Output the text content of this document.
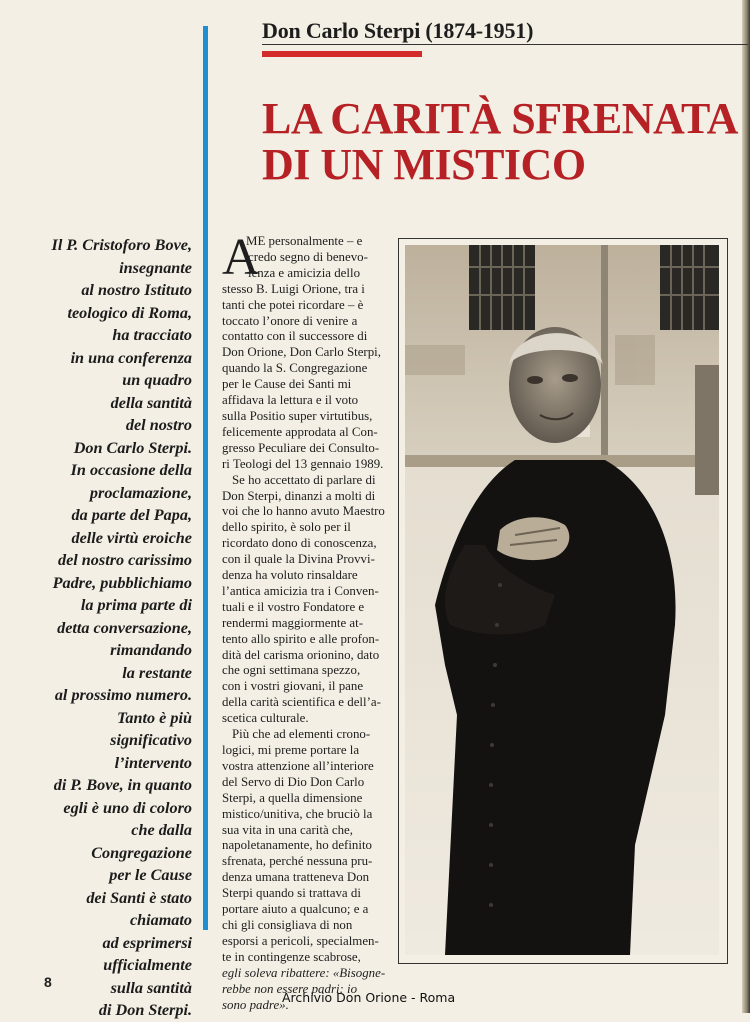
Don Carlo Sterpi (1874-1951)
LA CARITÀ SFRENATA
DI UN MISTICO
Il P. Cristoforo Bove,
insegnante
al nostro Istituto
teologico di Roma,
ha tracciato
in una conferenza
un quadro
della santità
del nostro
Don Carlo Sterpi.
In occasione della
proclamazione,
da parte del Papa,
delle virtù eroiche
del nostro carissimo
Padre, pubblichiamo
la prima parte di
detta conversazione,
rimandando
la restante
al prossimo numero.
Tanto è più
significativo
l’intervento
di P. Bove, in quanto
egli è uno di coloro
che dalla
Congregazione
per le Cause
dei Santi è stato
chiamato
ad esprimersi
ufficialmente
sulla santità
di Don Sterpi.
A
ME personalmente – e
credo segno di benevo-
lenza e amicizia dello
stesso B. Luigi Orione, tra i
tanti che potei ricordare – è
toccato l’onore di venire a
contatto con il successore di
Don Orione, Don Carlo Sterpi,
quando la S. Congregazione
per le Cause dei Santi mi
affidava la lettura e il voto
sulla Positio super virtutibus,
felicemente approdata al Con-
gresso Peculiare dei Consulto-
ri Teologi del 13 gennaio 1989.
Se ho accettato di parlare di
Don Sterpi, dinanzi a molti di
voi che lo hanno avuto Maestro
dello spirito, è solo per il
ricordato dono di conoscenza,
con il quale la Divina Provvi-
denza ha voluto rinsaldare
l’antica amicizia tra i Conven-
tuali e il vostro Fondatore e
rendermi maggiormente at-
tento allo spirito e alle profon-
dità del carisma orionino, dato
che ogni settimana spezzo,
con i vostri giovani, il pane
della carità scientifica e dell’a-
scetica culturale.
Più che ad elementi crono-
logici, mi preme portare la
vostra attenzione all’interiore
del Servo di Dio Don Carlo
Sterpi, a quella dimensione
mistico/unitiva, che bruciò la
sua vita in una carità che,
napoletanamente, ho definito
sfrenata, perché nessuna pru-
denza umana tratteneva Don
Sterpi quando si trattava di
portare aiuto a qualcuno; e a
chi gli consigliava di non
esporsi a pericoli, specialmen-
te in contingenze scabrose,
egli soleva ribattere: «Bisogne-
rebbe non essere padri: io
sono padre».
8
Archivio Don Orione - Roma
